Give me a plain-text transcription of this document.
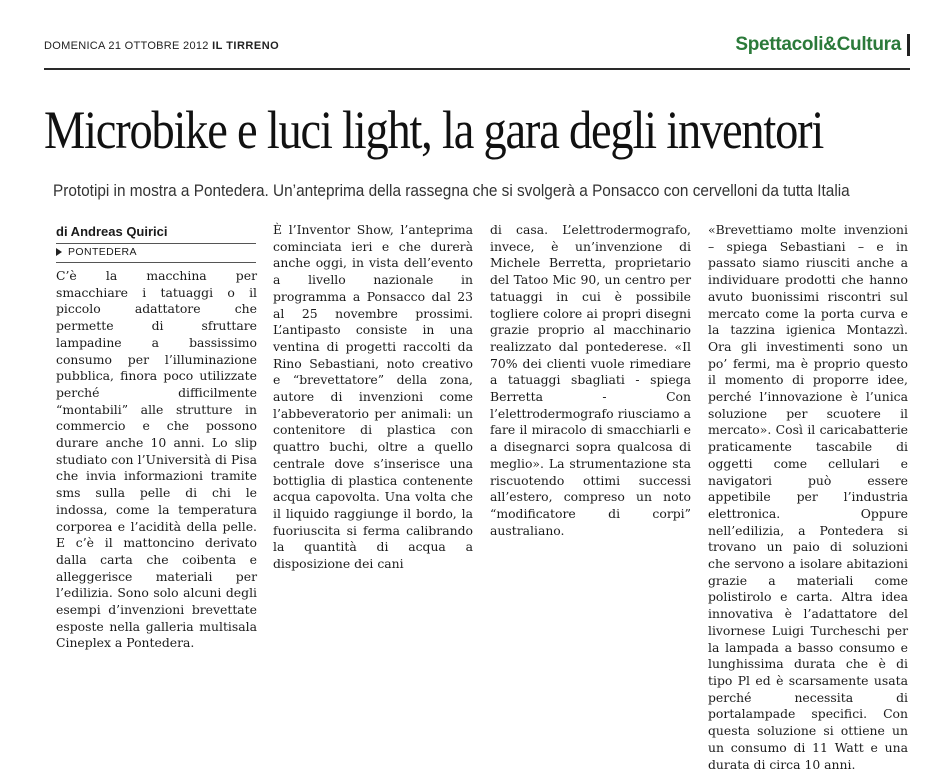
DOMENICA 21 OTTOBRE 2012 IL TIRRENO	Spettacoli&Cultura
Microbike e luci light, la gara degli inventori
Prototipi in mostra a Pontedera. Un’anteprima della rassegna che si svolgerà a Ponsacco con cervelloni da tutta Italia
di Andreas Quirici
PONTEDERA

C’è la macchina per smacchiare i tatuaggi o il piccolo adattatore che permette di sfruttare lampadine a bassissimo consumo per l’illuminazione pubblica, finora poco utilizzate perché difficilmente “montabili” alle strutture in commercio e che possono durare anche 10 anni. Lo slip studiato con l’Università di Pisa che invia informazioni tramite sms sulla pelle di chi le indossa, come la temperatura corporea e l’acidità della pelle. E c’è il mattoncino derivato dalla carta che coibenta e alleggerisce materiali per l’edilizia. Sono solo alcuni degli esempi d’invenzioni brevettate esposte nella galleria multisala Cineplex a Pontedera.

È l’Inventor Show, l’anteprima cominciata ieri e che durerà anche oggi, in vista dell’evento a livello nazionale in programma a Ponsacco dal 23 al 25 novembre prossimi. L’antipasto consiste in una ventina di progetti raccolti da Rino Sebastiani, noto creativo e “brevettatore” della zona, autore di invenzioni come l’abbeveratorio per animali: un contenitore di plastica con quattro buchi, oltre a quello centrale dove s’inserisce una bottiglia di plastica contenente acqua capovolta. Una volta che il liquido raggiunge il bordo, la fuoriuscita si ferma calibrando la quantità di acqua a disposizione dei cani

di casa. L’elettrodermografo, invece, è un’invenzione di Michele Berretta, proprietario del Tatoo Mic 90, un centro per tatuaggi in cui è possibile togliere colore ai propri disegni grazie proprio al macchinario realizzato dal pontederese. «Il 70% dei clienti vuole rimediare a tatuaggi sbagliati - spiega Berretta - Con l’elettrodermografo riusciamo a fare il miracolo di smacchiarli e a disegnarci sopra qualcosa di meglio». La strumentazione sta riscuotendo ottimi successi all’estero, compreso un noto “modificatore di corpi” australiano.

«Brevettiamo molte invenzioni – spiega Sebastiani – e in passato siamo riusciti anche a individuare prodotti che hanno avuto buonissimi riscontri sul mercato come la porta curva e la tazzina igienica Montazzì. Ora gli investimenti sono un po’ fermi, ma è proprio questo il momento di proporre idee, perché l’innovazione è l’unica soluzione per scuotere il mercato». Così il caricabatterie praticamente tascabile di oggetti come cellulari e navigatori può essere appetibile per l’industria elettronica. Oppure nell’edilizia, a Pontedera si trovano un paio di soluzioni che servono a isolare abitazioni grazie a materiali come polistirolo e carta. Altra idea innovativa è l’adattatore del livornese Luigi Turcheschi per la lampada a basso consumo e lunghissima durata che è di tipo Pl ed è scarsamente usata perché necessita di portalampade specifici. Con questa soluzione si ottiene un un consumo di 11 Watt e una durata di circa 10 anni.
